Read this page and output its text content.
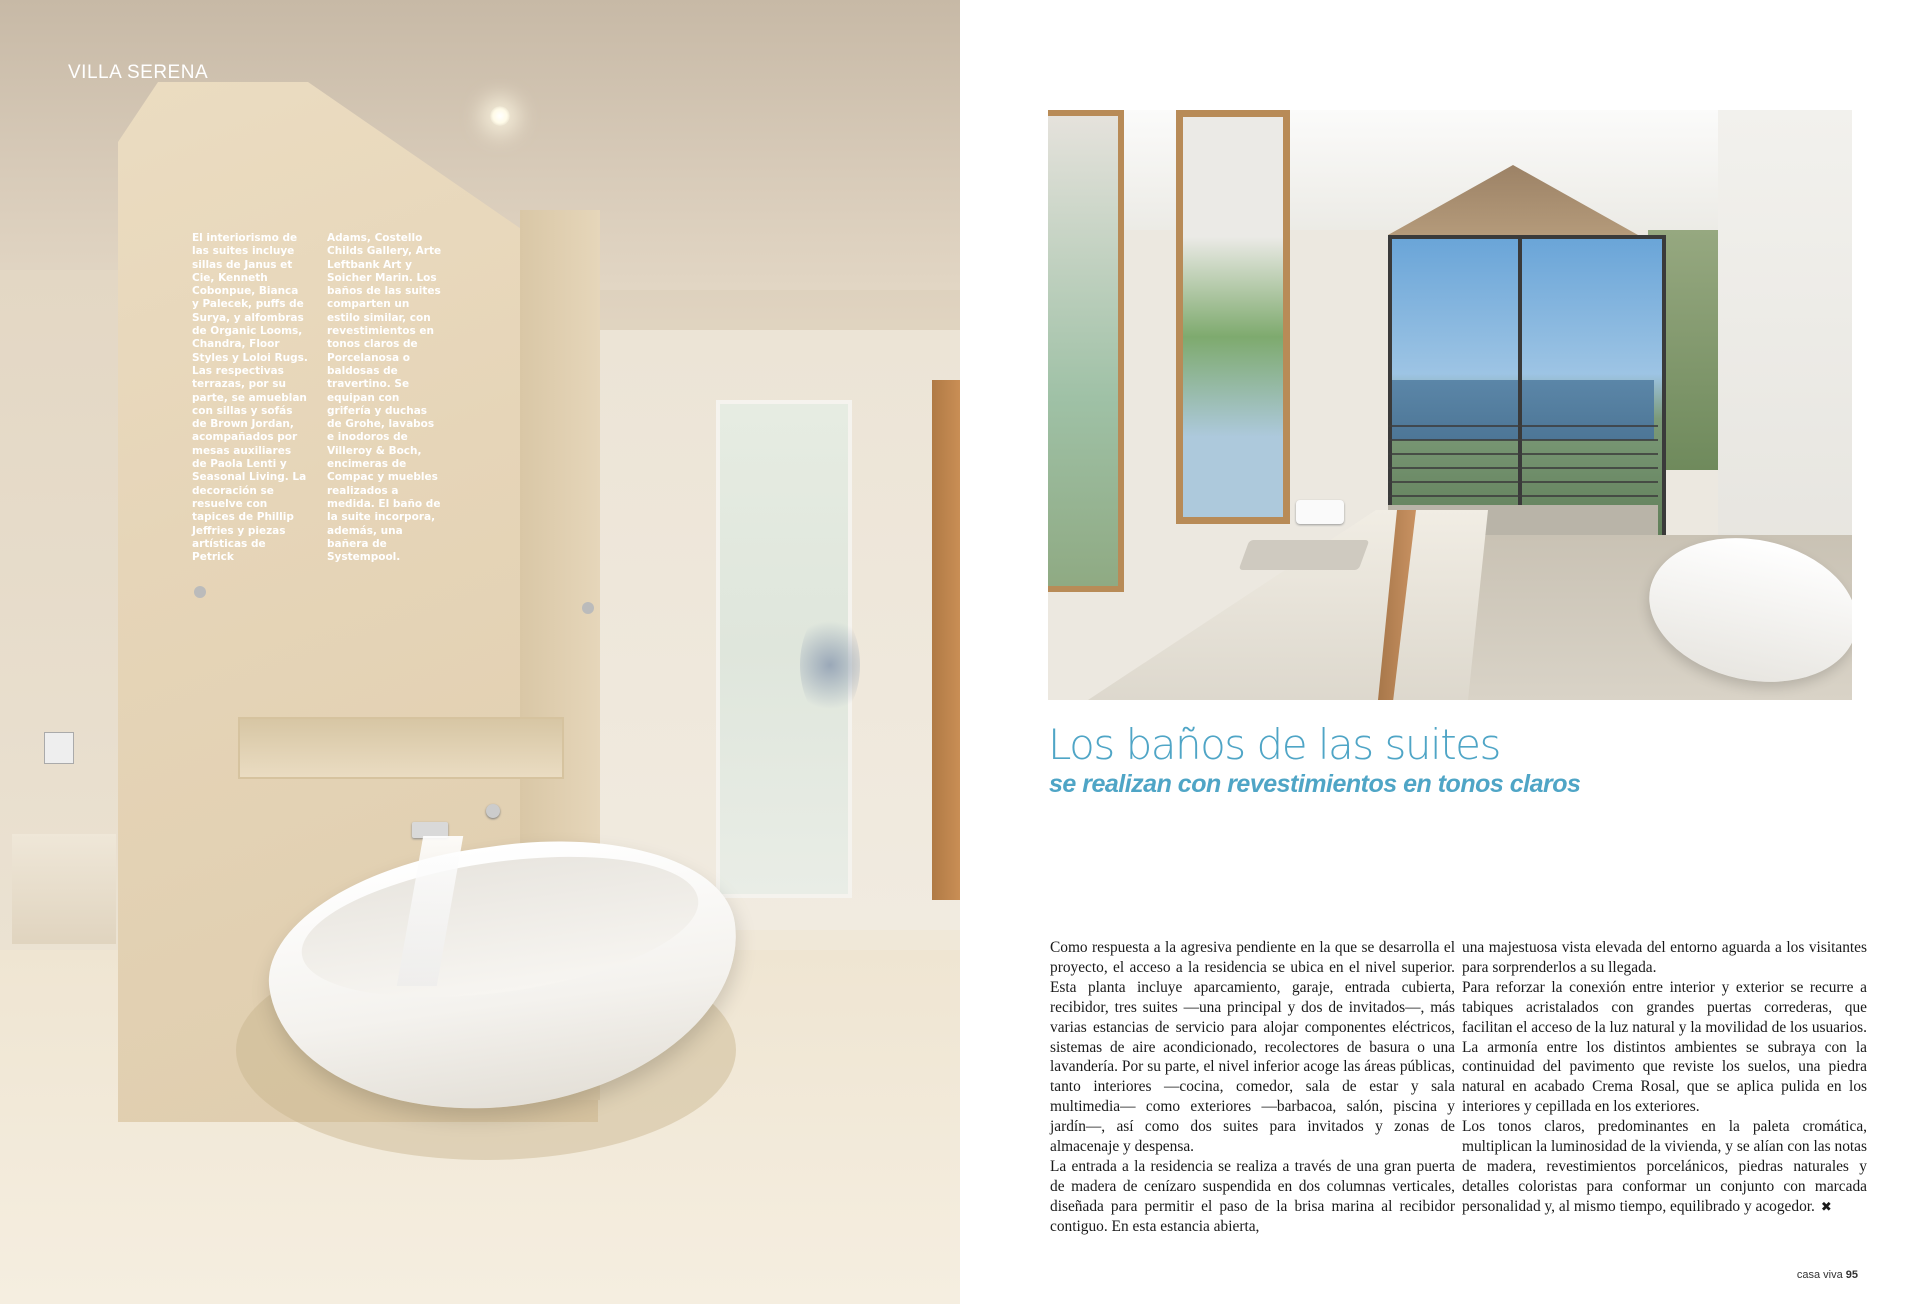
VILLA SERENA

El interiorismo de las suites incluye sillas de Janus et Cie, Kenneth Cobonpue, Bianca y Palecek, puffs de Surya, y alfombras de Organic Looms, Chandra, Floor Styles y Loloi Rugs. Las respectivas terrazas, por su parte, se amueblan con sillas y sofás de Brown Jordan, acompañados por mesas auxiliares de Paola Lenti y Seasonal Living. La decoración se resuelve con tapices de Phillip Jeffries y piezas artísticas de Petrick

Adams, Costello Childs Gallery, Arte Leftbank Art y Soicher Marin. Los baños de las suites comparten un estilo similar, con revestimientos en tonos claros de Porcelanosa o baldosas de travertino. Se equipan con grifería y duchas de Grohe, lavabos e inodoros de Villeroy & Boch, encimeras de Compac y muebles realizados a medida. El baño de la suite incorpora, además, una bañera de Systempool.

Los baños de las suites
se realizan con revestimientos en tonos claros

Como respuesta a la agresiva pendiente en la que se desarrolla el proyecto, el acceso a la residencia se ubica en el nivel superior. Esta planta incluye aparcamiento, garaje, entrada cubierta, recibidor, tres suites —una principal y dos de invitados—, más varias estancias de servicio para alojar componentes eléctricos, sistemas de aire acondicionado, recolectores de basura o una lavandería. Por su parte, el nivel inferior acoge las áreas públicas, tanto interiores —cocina, comedor, sala de estar y sala multimedia— como exteriores —barbacoa, salón, piscina y jardín—, así como dos suites para invitados y zonas de almacenaje y despensa.

La entrada a la residencia se realiza a través de una gran puerta de madera de cenízaro suspendida en dos columnas verticales, diseñada para permitir el paso de la brisa marina al recibidor contiguo. En esta estancia abierta,

una majestuosa vista elevada del entorno aguarda a los visitantes para sorprenderlos a su llegada.

Para reforzar la conexión entre interior y exterior se recurre a tabiques acristalados con grandes puertas correderas, que facilitan el acceso de la luz natural y la movilidad de los usuarios. La armonía entre los distintos ambientes se subraya con la continuidad del pavimento que reviste los suelos, una piedra natural en acabado Crema Rosal, que se aplica pulida en los interiores y cepillada en los exteriores.

Los tonos claros, predominantes en la paleta cromática, multiplican la luminosidad de la vivienda, y se alían con las notas de madera, revestimientos porcelánicos, piedras naturales y detalles coloristas para conformar un conjunto con marcada personalidad y, al mismo tiempo, equilibrado y acogedor. ✖

casa viva 95
